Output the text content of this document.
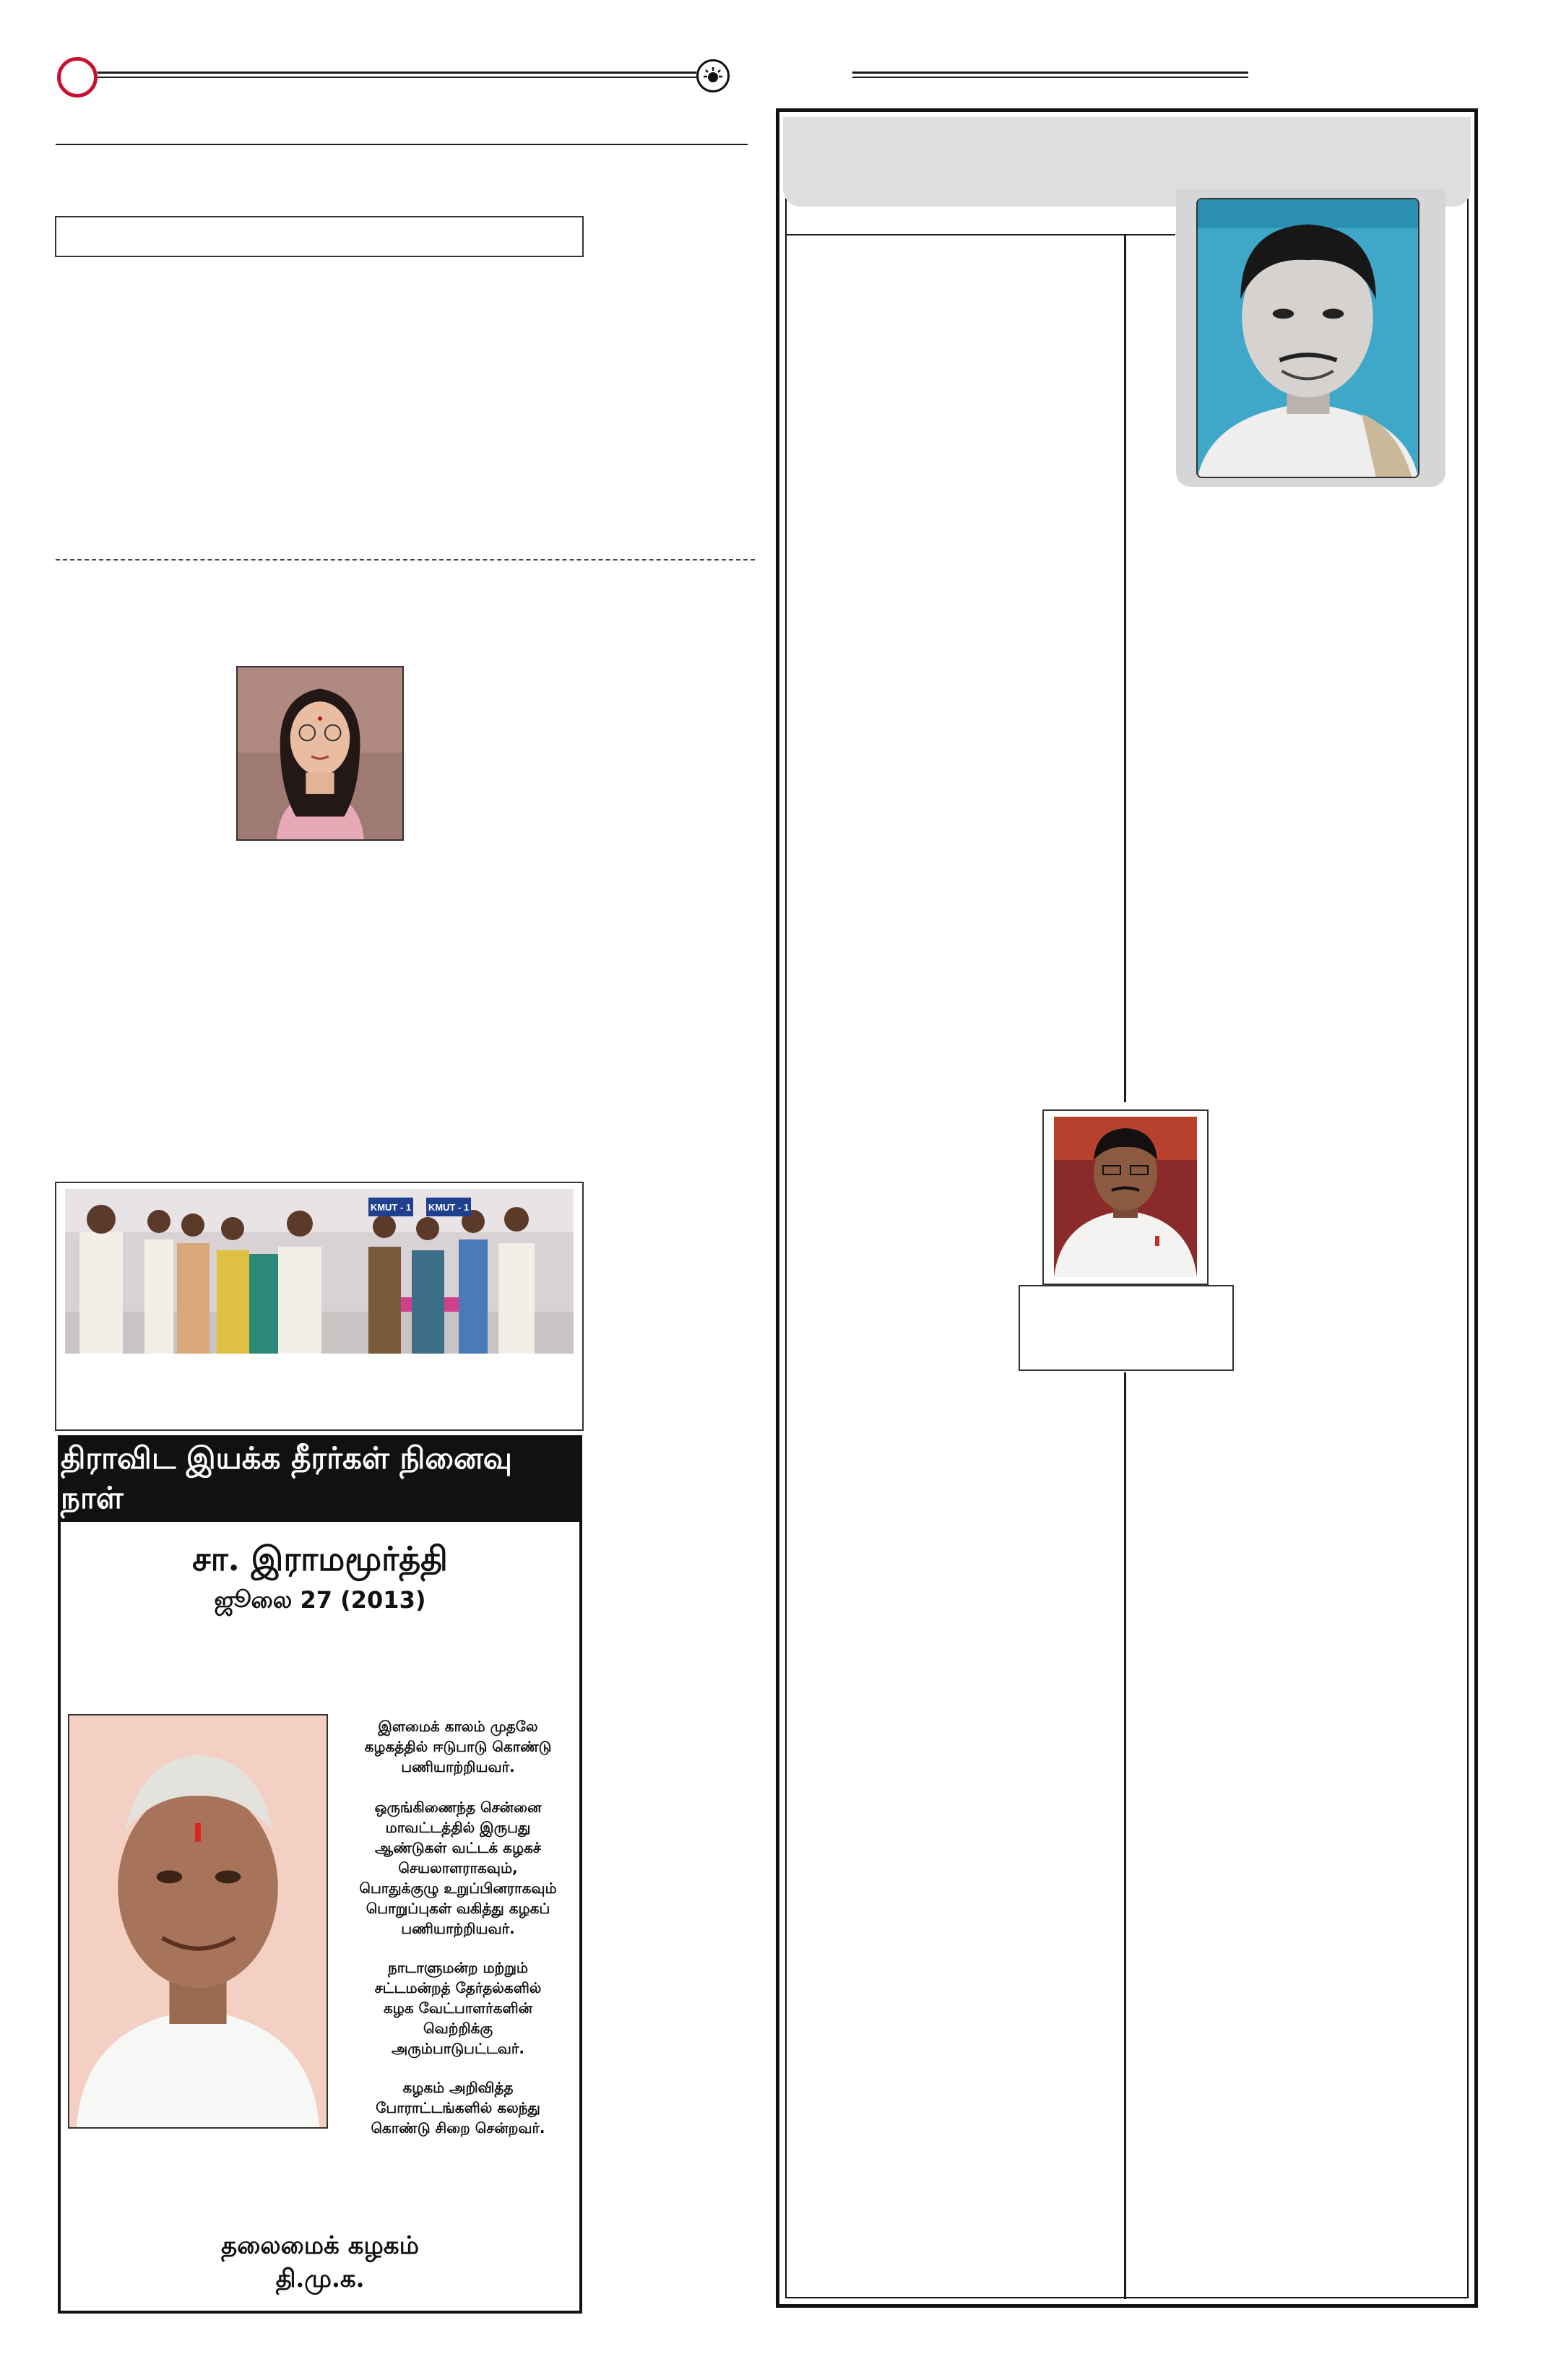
KMUT - 1 KMUT - 1
திராவிட இயக்க தீரர்கள் நினைவு நாள்
சா. இராமமூர்த்தி
ஜூலை 27 (2013)
இளமைக் காலம் முதலே
கழகத்தில் ஈடுபாடு கொண்டு
பணியாற்றியவர்.
ஒருங்கிணைந்த சென்னை
மாவட்டத்தில் இருபது
ஆண்டுகள் வட்டக் கழகச்
செயலாளராகவும்,
பொதுக்குழு உறுப்பினராகவும்
பொறுப்புகள் வகித்து கழகப்
பணியாற்றியவர்.
நாடாளுமன்ற மற்றும்
சட்டமன்றத் தேர்தல்களில்
கழக வேட்பாளர்களின்
வெற்றிக்கு
அரும்பாடுபட்டவர்.
கழகம் அறிவித்த
போராட்டங்களில் கலந்து
கொண்டு சிறை சென்றவர்.
தலைமைக் கழகம்
தி.மு.க.
